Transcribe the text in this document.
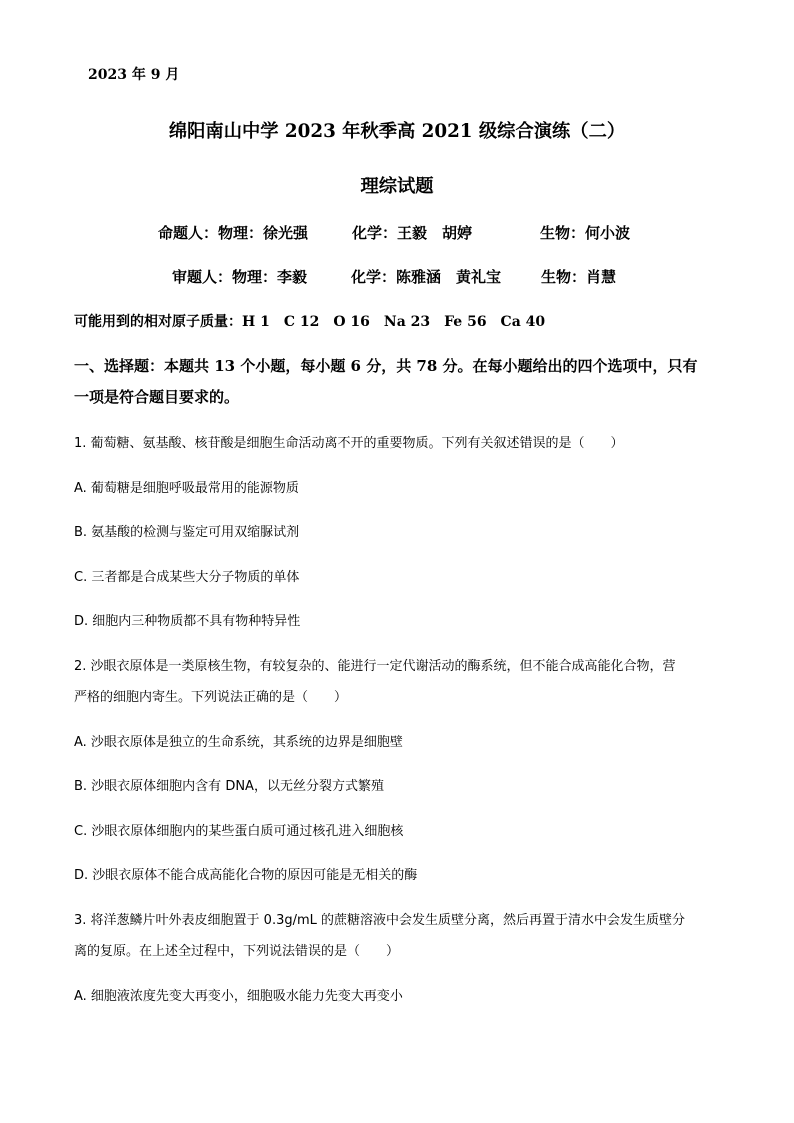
2023 年 9 月
绵阳南山中学 2023 年秋季高 2021 级综合演练（二）
理综试题
命题人：物理：徐光强	化学：王毅　胡婷	生物：何小波
审题人：物理：李毅	化学：陈雅涵　黄礼宝	生物：肖慧
可能用到的相对原子质量：H 1　C 12　O 16　Na 23　Fe 56　Ca 40
一、选择题：本题共 13 个小题，每小题 6 分，共 78 分。在每小题给出的四个选项中，只有
一项是符合题目要求的。
1. 葡萄糖、氨基酸、核苷酸是细胞生命活动离不开的重要物质。下列有关叙述错误的是（　　）
A. 葡萄糖是细胞呼吸最常用的能源物质
B. 氨基酸的检测与鉴定可用双缩脲试剂
C. 三者都是合成某些大分子物质的单体
D. 细胞内三种物质都不具有物种特异性
2. 沙眼衣原体是一类原核生物，有较复杂的、能进行一定代谢活动的酶系统，但不能合成高能化合物，营
严格的细胞内寄生。下列说法正确的是（　　）
A. 沙眼衣原体是独立的生命系统，其系统的边界是细胞壁
B. 沙眼衣原体细胞内含有 DNA，以无丝分裂方式繁殖
C. 沙眼衣原体细胞内的某些蛋白质可通过核孔进入细胞核
D. 沙眼衣原体不能合成高能化合物的原因可能是无相关的酶
3. 将洋葱鳞片叶外表皮细胞置于 0.3g/mL 的蔗糖溶液中会发生质壁分离，然后再置于清水中会发生质壁分
离的复原。在上述全过程中，下列说法错误的是（　　）
A. 细胞液浓度先变大再变小，细胞吸水能力先变大再变小
